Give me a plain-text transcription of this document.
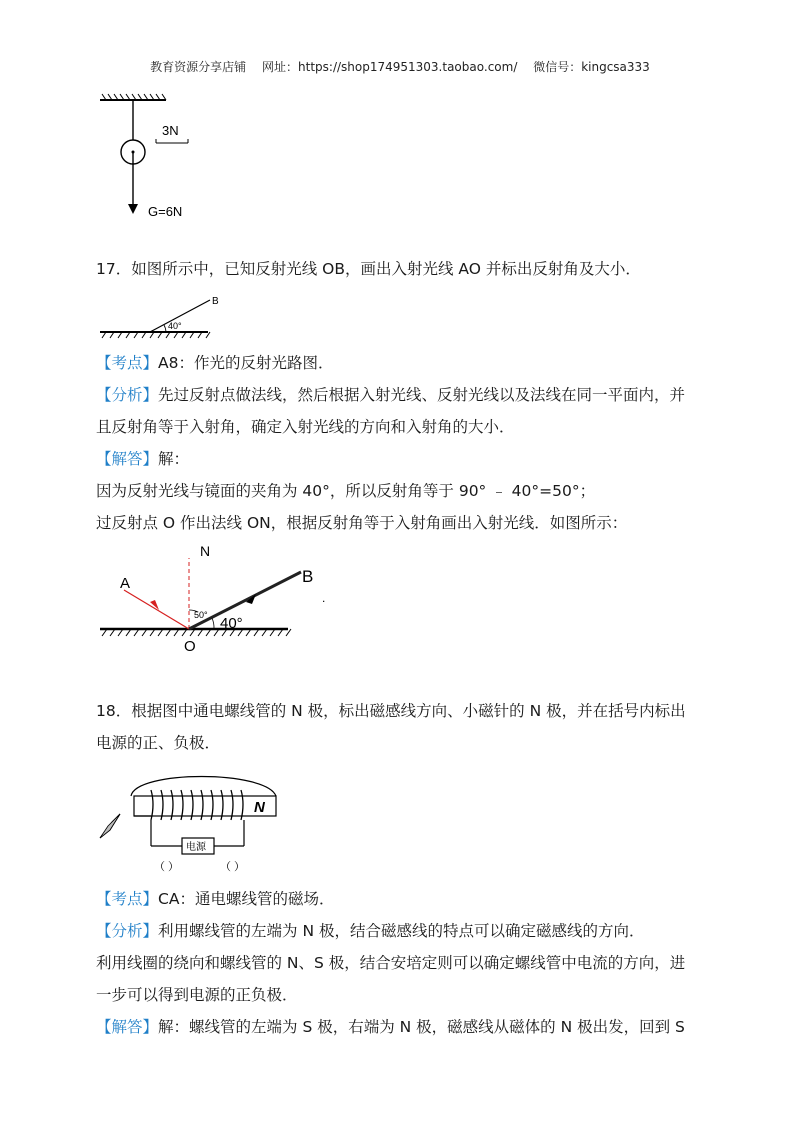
教育资源分享店铺 网址：https://shop174951303.taobao.com/ 微信号：kingcsa333
3N
G=6N
17．如图所示中，已知反射光线 OB，画出入射光线 AO 并标出反射角及大小．
B
40°
【考点】A8：作光的反射光路图．
【分析】先过反射点做法线，然后根据入射光线、反射光线以及法线在同一平面内，并
且反射角等于入射角，确定入射光线的方向和入射角的大小．
【解答】解：
因为反射光线与镜面的夹角为 40°，所以反射角等于 90° ﹣ 40°=50°；
过反射点 O 作出法线 ON，根据反射角等于入射角画出入射光线．如图所示：
N
A	B
O
50° 40°
.
18．根据图中通电螺线管的 N 极，标出磁感线方向、小磁针的 N 极，并在括号内标出
电源的正、负极．
N
电源
（ ）	（ ）
【考点】CA：通电螺线管的磁场．
【分析】利用螺线管的左端为 N 极，结合磁感线的特点可以确定磁感线的方向．
利用线圈的绕向和螺线管的 N、S 极，结合安培定则可以确定螺线管中电流的方向，进
一步可以得到电源的正负极．
【解答】解：螺线管的左端为 S 极，右端为 N 极，磁感线从磁体的 N 极出发，回到 S
